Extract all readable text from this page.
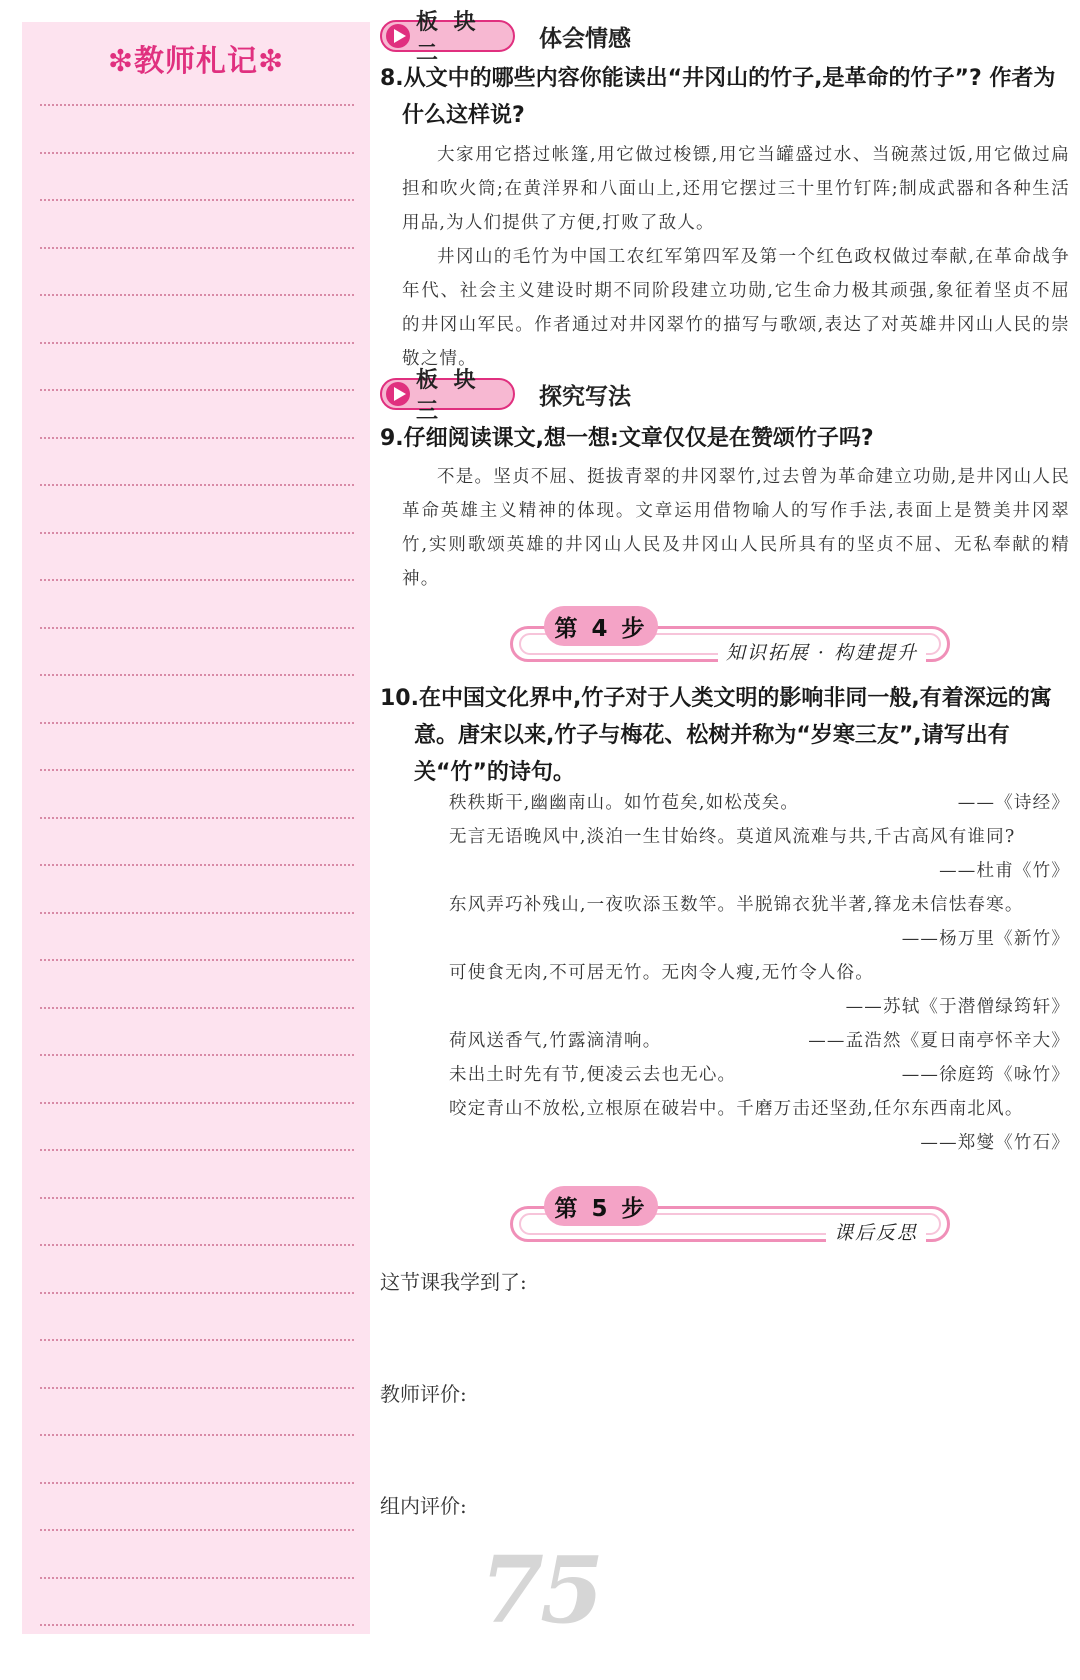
❇教师札记❇
板 块 二
体会情感
8.从文中的哪些内容你能读出“井冈山的竹子,是革命的竹子”? 作者为什么这样说?
大家用它搭过帐篷,用它做过梭镖,用它当罐盛过水、当碗蒸过饭,用它做过扁担和吹火筒;在黄洋界和八面山上,还用它摆过三十里竹钉阵;制成武器和各种生活用品,为人们提供了方便,打败了敌人。
井冈山的毛竹为中国工农红军第四军及第一个红色政权做过奉献,在革命战争年代、社会主义建设时期不同阶段建立功勋,它生命力极其顽强,象征着坚贞不屈的井冈山军民。作者通过对井冈翠竹的描写与歌颂,表达了对英雄井冈山人民的崇敬之情。
板 块 三
探究写法
9.仔细阅读课文,想一想:文章仅仅是在赞颂竹子吗?
不是。坚贞不屈、挺拔青翠的井冈翠竹,过去曾为革命建立功勋,是井冈山人民革命英雄主义精神的体现。文章运用借物喻人的写作手法,表面上是赞美井冈翠竹,实则歌颂英雄的井冈山人民及井冈山人民所具有的坚贞不屈、无私奉献的精神。
第 4 步
知识拓展 · 构建提升
10.在中国文化界中,竹子对于人类文明的影响非同一般,有着深远的寓意。唐宋以来,竹子与梅花、松树并称为“岁寒三友”,请写出有关“竹”的诗句。
秩秩斯干,幽幽南山。如竹苞矣,如松茂矣。	——《诗经》
无言无语晚风中,淡泊一生甘始终。莫道风流难与共,千古高风有谁同?
——杜甫《竹》
东风弄巧补残山,一夜吹添玉数竿。半脱锦衣犹半著,箨龙未信怯春寒。
——杨万里《新竹》
可使食无肉,不可居无竹。无肉令人瘦,无竹令人俗。
——苏轼《于潜僧绿筠轩》
荷风送香气,竹露滴清响。	——孟浩然《夏日南亭怀辛大》
未出土时先有节,便凌云去也无心。	——徐庭筠《咏竹》
咬定青山不放松,立根原在破岩中。千磨万击还坚劲,任尔东西南北风。
——郑燮《竹石》
第 5 步
课后反思
这节课我学到了:
教师评价:
组内评价:
75
